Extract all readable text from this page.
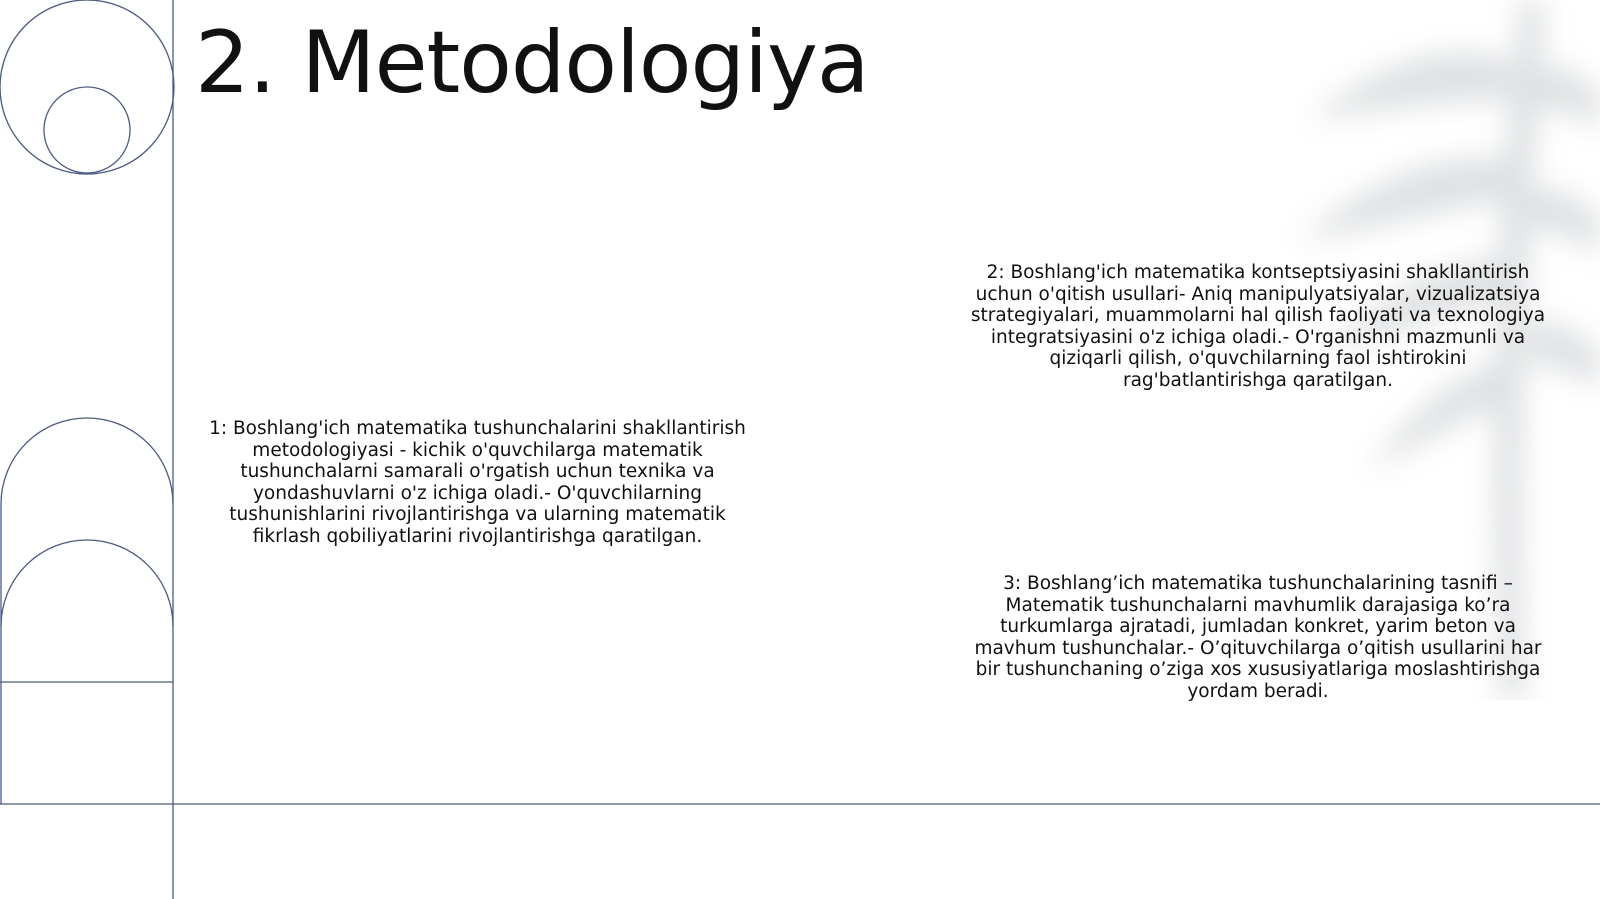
2. Metodologiya

1: Boshlang'ich matematika tushunchalarini shakllantirish metodologiyasi - kichik o'quvchilarga matematik tushunchalarni samarali o'rgatish uchun texnika va yondashuvlarni o'z ichiga oladi.- O'quvchilarning tushunishlarini rivojlantirishga va ularning matematik fikrlash qobiliyatlarini rivojlantirishga qaratilgan.

2: Boshlang'ich matematika kontseptsiyasini shakllantirish uchun o'qitish usullari- Aniq manipulyatsiyalar, vizualizatsiya strategiyalari, muammolarni hal qilish faoliyati va texnologiya integratsiyasini o'z ichiga oladi.- O'rganishni mazmunli va qiziqarli qilish, o'quvchilarning faol ishtirokini rag'batlantirishga qaratilgan.

3: Boshlang’ich matematika tushunchalarining tasnifi – Matematik tushunchalarni mavhumlik darajasiga ko’ra turkumlarga ajratadi, jumladan konkret, yarim beton va mavhum tushunchalar.- O’qituvchilarga o’qitish usullarini har bir tushunchaning o’ziga xos xususiyatlariga moslashtirishga yordam beradi.
